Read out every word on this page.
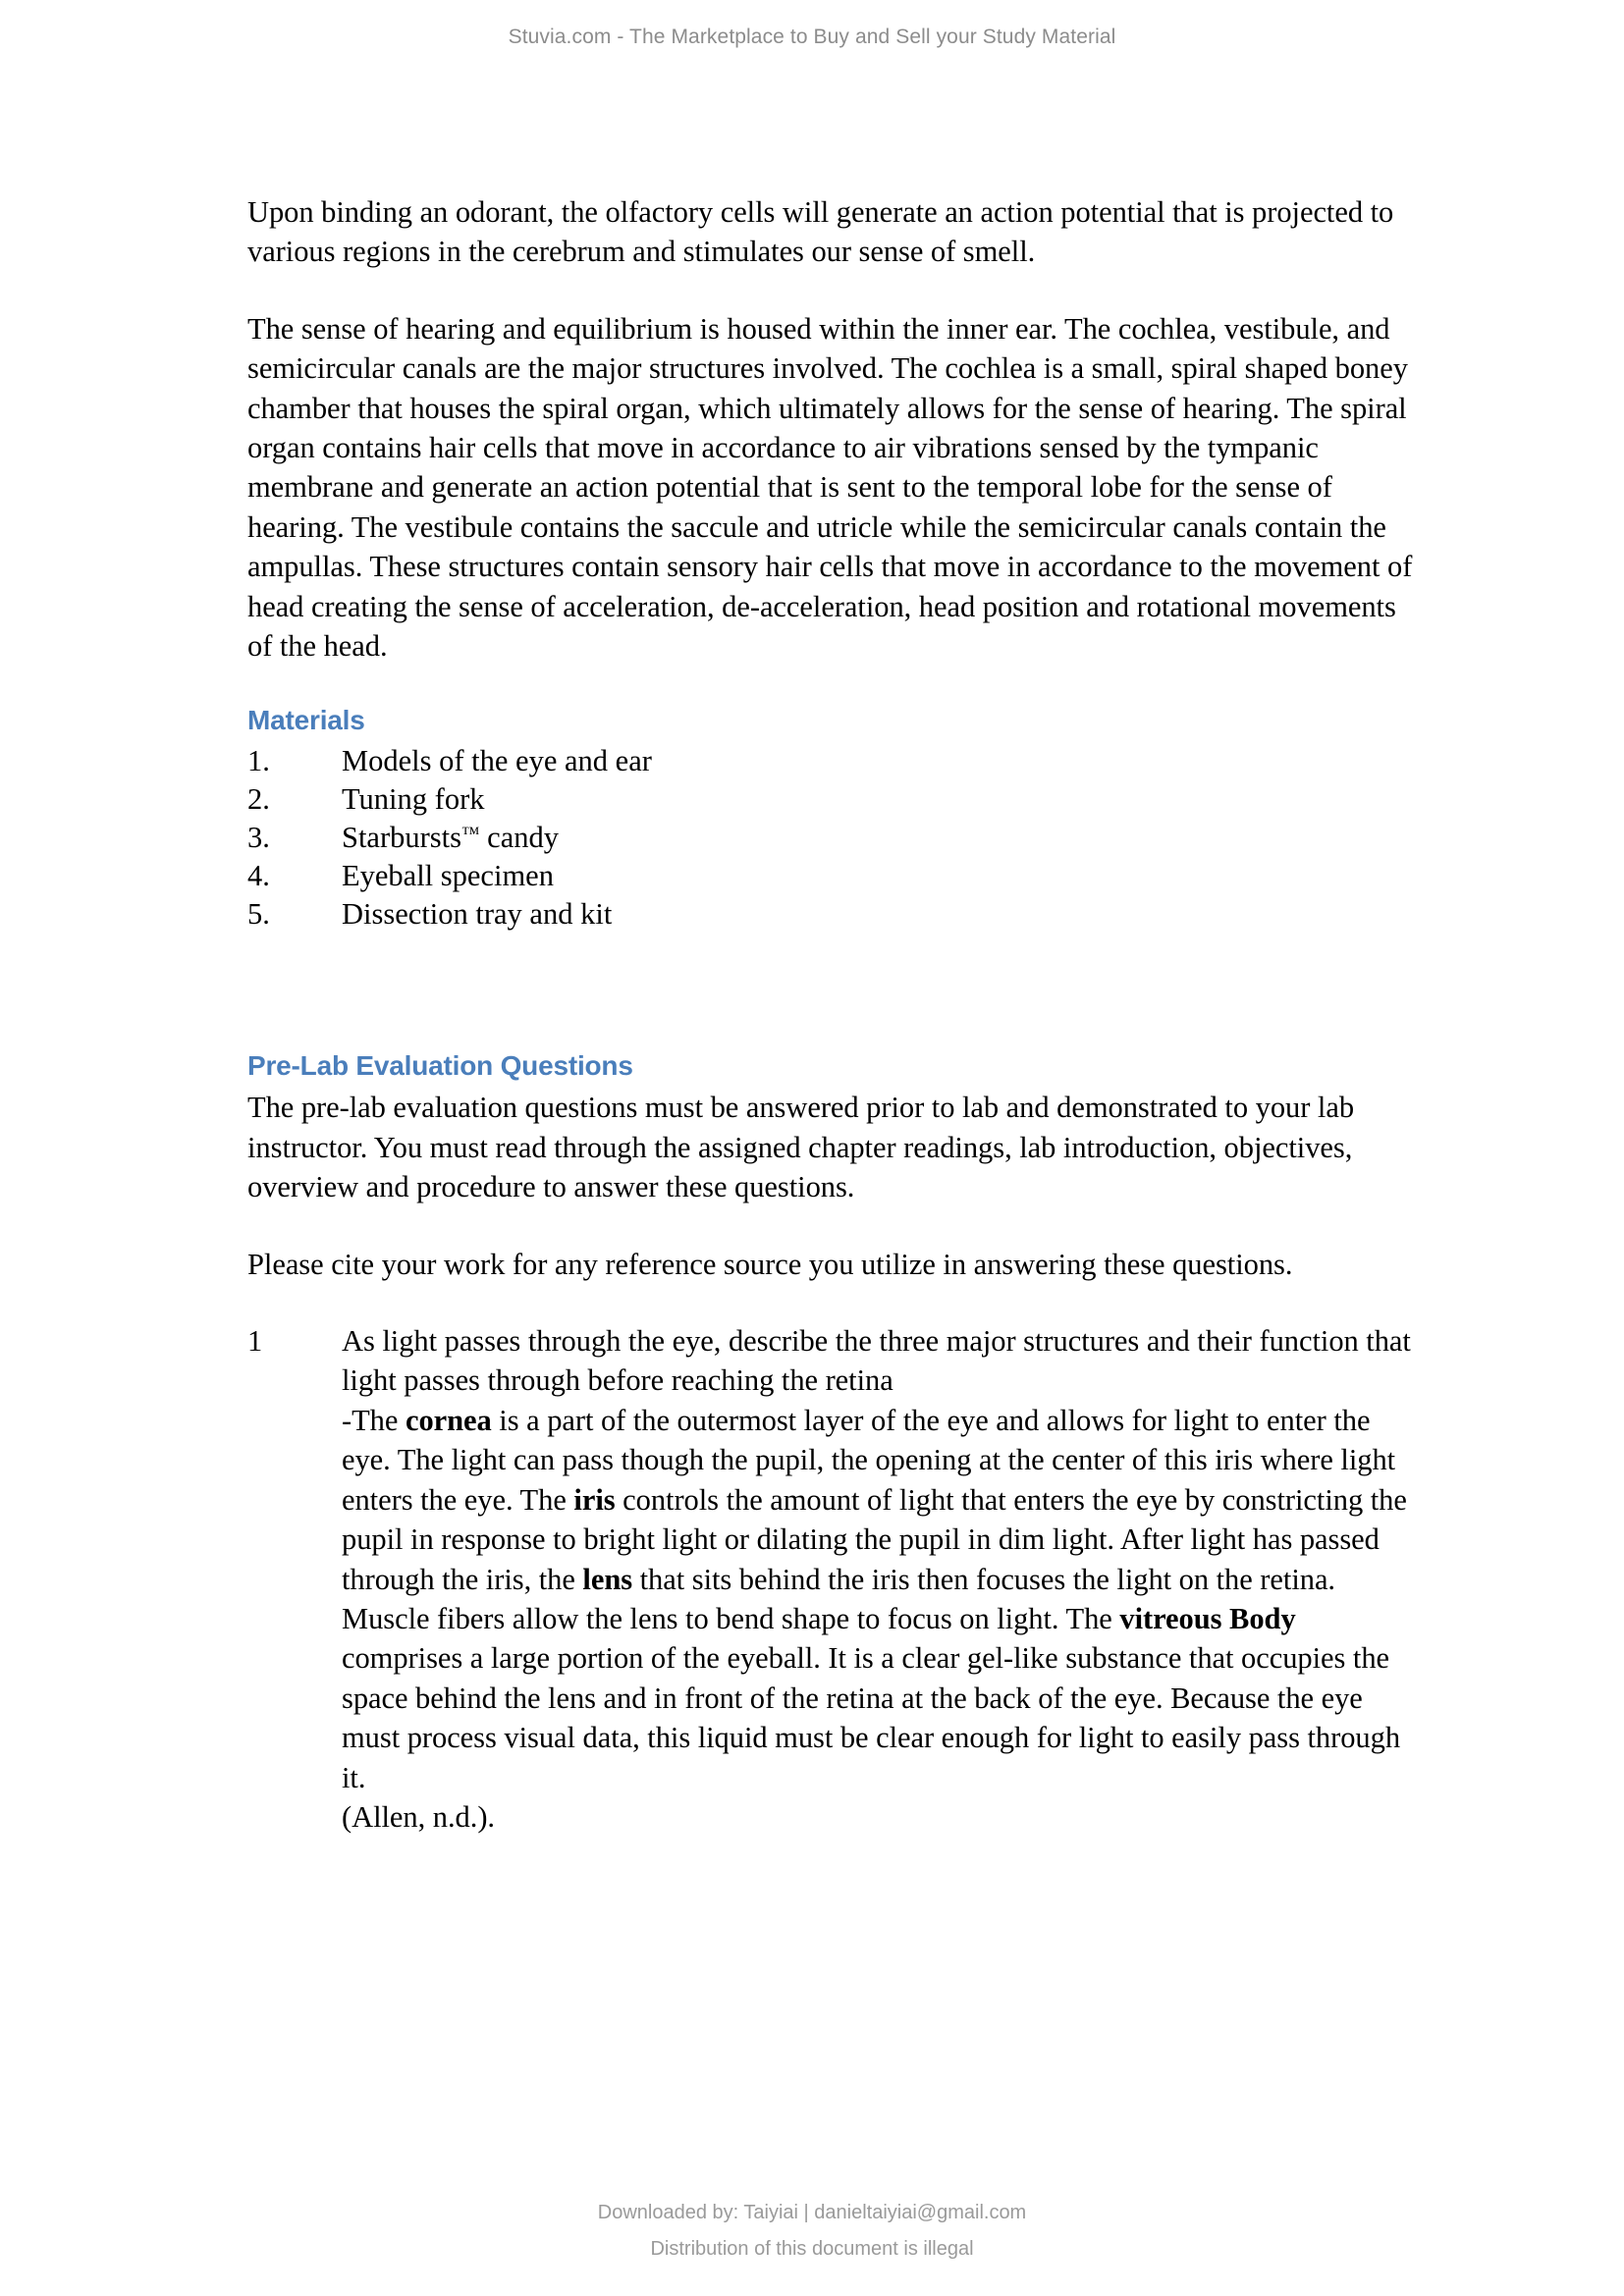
Stuvia.com - The Marketplace to Buy and Sell your Study Material

Upon binding an odorant, the olfactory cells will generate an action potential that is projected to various regions in the cerebrum and stimulates our sense of smell.

The sense of hearing and equilibrium is housed within the inner ear. The cochlea, vestibule, and semicircular canals are the major structures involved. The cochlea is a small, spiral shaped boney chamber that houses the spiral organ, which ultimately allows for the sense of hearing. The spiral organ contains hair cells that move in accordance to air vibrations sensed by the tympanic membrane and generate an action potential that is sent to the temporal lobe for the sense of hearing. The vestibule contains the saccule and utricle while the semicircular canals contain the ampullas. These structures contain sensory hair cells that move in accordance to the movement of head creating the sense of acceleration, de-acceleration, head position and rotational movements of the head.

Materials
1.	Models of the eye and ear
2.	Tuning fork
3.	Starbursts™ candy
4.	Eyeball specimen
5.	Dissection tray and kit
Pre-Lab Evaluation Questions

The pre-lab evaluation questions must be answered prior to lab and demonstrated to your lab instructor. You must read through the assigned chapter readings, lab introduction, objectives, overview and procedure to answer these questions.

Please cite your work for any reference source you utilize in answering these questions.

1	As light passes through the eye, describe the three major structures and their function that light passes through before reaching the retina

-The cornea is a part of the outermost layer of the eye and allows for light to enter the eye. The light can pass though the pupil, the opening at the center of this iris where light enters the eye. The iris controls the amount of light that enters the eye by constricting the pupil in response to bright light or dilating the pupil in dim light. After light has passed through the iris, the lens that sits behind the iris then focuses the light on the retina. Muscle fibers allow the lens to bend shape to focus on light. The vitreous Body comprises a large portion of the eyeball. It is a clear gel-like substance that occupies the space behind the lens and in front of the retina at the back of the eye. Because the eye must process visual data, this liquid must be clear enough for light to easily pass through it.

(Allen, n.d.).

Downloaded by: Taiyiai | danieltaiyiai@gmail.com
Distribution of this document is illegal
